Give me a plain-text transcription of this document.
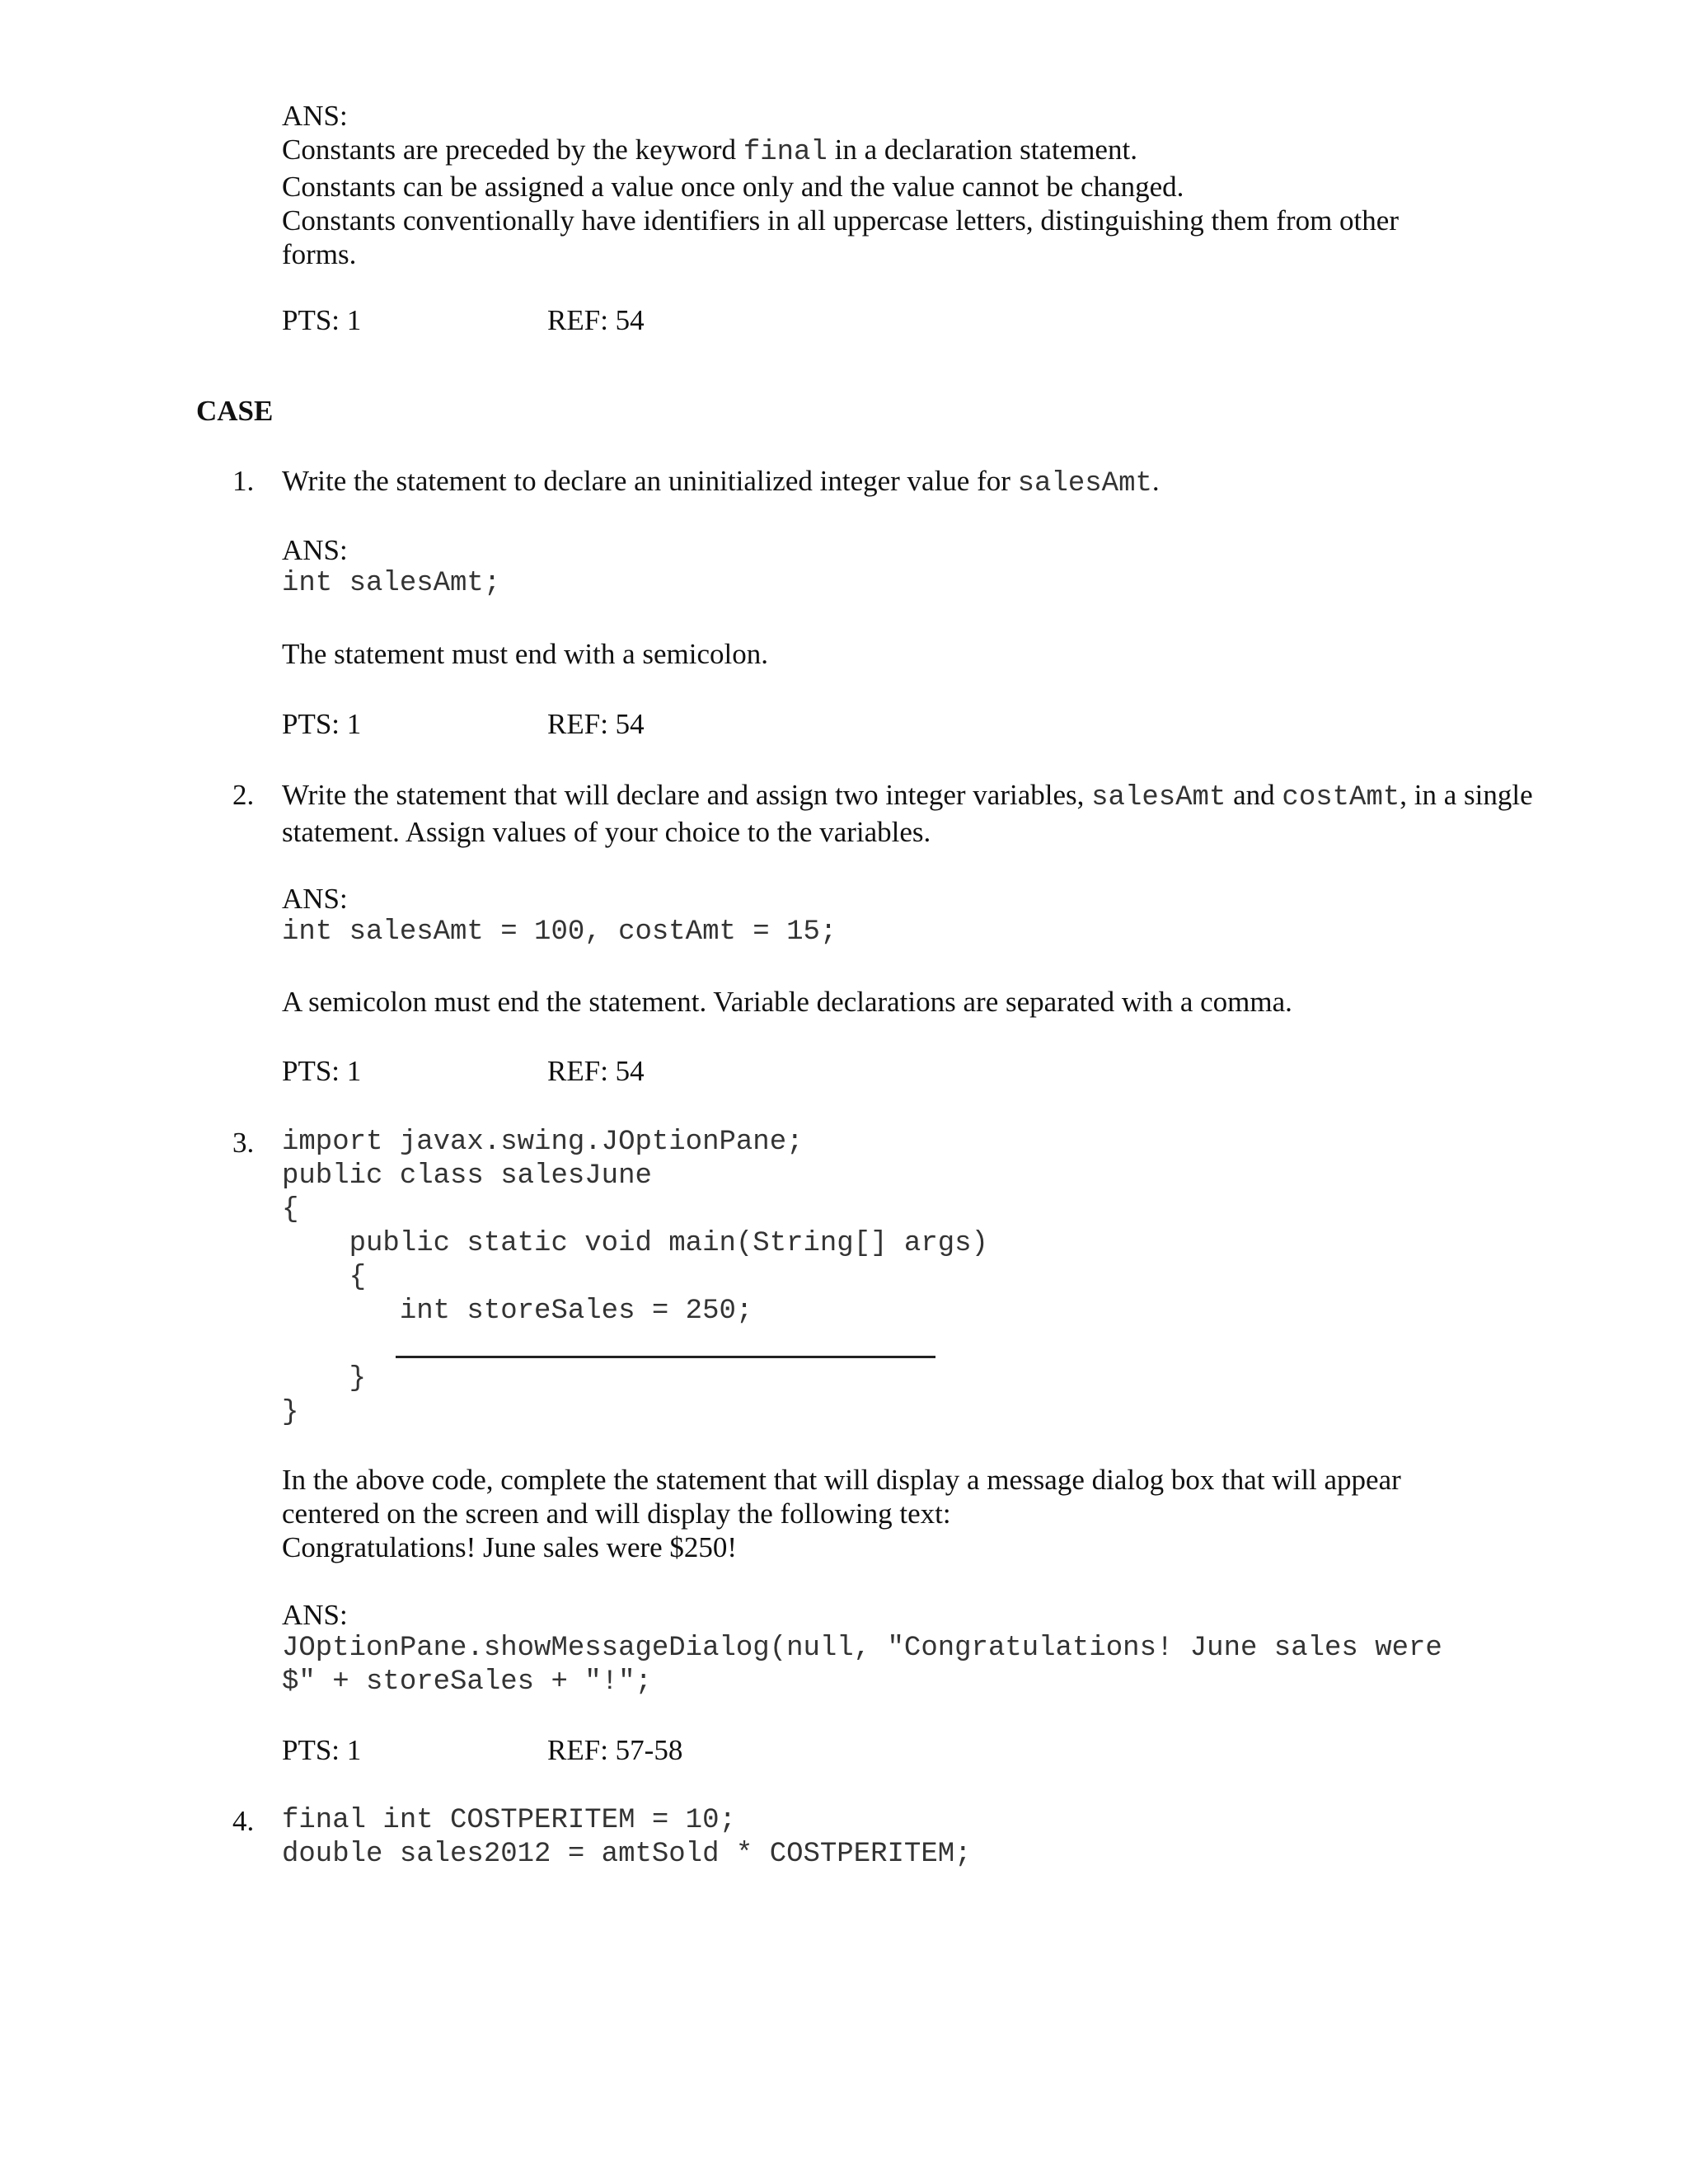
ANS:
Constants are preceded by the keyword final in a declaration statement.
Constants can be assigned a value once only and the value cannot be changed.
Constants conventionally have identifiers in all uppercase letters, distinguishing them from other forms.
PTS: 1	REF: 54
CASE
1. Write the statement to declare an uninitialized integer value for salesAmt.
ANS:
int salesAmt;
The statement must end with a semicolon.
PTS: 1	REF: 54
2. Write the statement that will declare and assign two integer variables, salesAmt and costAmt, in a single statement. Assign values of your choice to the variables.
ANS:
int salesAmt = 100, costAmt = 15;
A semicolon must end the statement. Variable declarations are separated with a comma.
PTS: 1	REF: 54
3. import javax.swing.JOptionPane;
public class salesJune
{
public static void main(String[] args)
{
int storeSales = 250;
}
}
In the above code, complete the statement that will display a message dialog box that will appear
centered on the screen and will display the following text:
Congratulations! June sales were $250!
ANS:
JOptionPane.showMessageDialog(null, "Congratulations! June sales were
$" + storeSales + "!";
PTS: 1	REF: 57-58
4. final int COSTPERITEM = 10;
double sales2012 = amtSold * COSTPERITEM;
